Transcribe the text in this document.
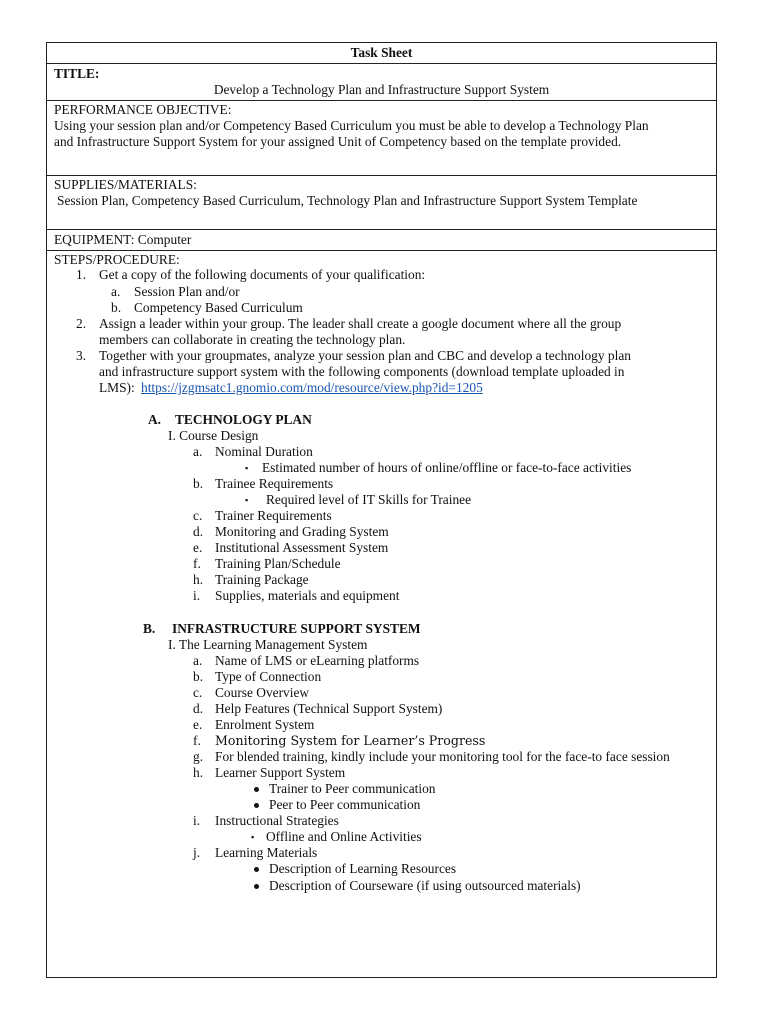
Task Sheet
TITLE:
Develop a Technology Plan and Infrastructure Support System
PERFORMANCE OBJECTIVE:
Using your session plan and/or Competency Based Curriculum you must be able to develop a Technology Plan
and Infrastructure Support System for your assigned Unit of Competency based on the template provided.
SUPPLIES/MATERIALS:
Session Plan, Competency Based Curriculum, Technology Plan and Infrastructure Support System Template
EQUIPMENT: Computer
STEPS/PROCEDURE:
1. Get a copy of the following documents of your qualification:
a. Session Plan and/or
b. Competency Based Curriculum
2. Assign a leader within your group. The leader shall create a google document where all the group
members can collaborate in creating the technology plan.
3. Together with your groupmates, analyze your session plan and CBC and develop a technology plan
and infrastructure support system with the following components (download template uploaded in
LMS): https://jzgmsatc1.gnomio.com/mod/resource/view.php?id=1205
A. TECHNOLOGY PLAN
I. Course Design
a. Nominal Duration
▪ Estimated number of hours of online/offline or face-to-face activities
b. Trainee Requirements
▪ Required level of IT Skills for Trainee
c. Trainer Requirements
d. Monitoring and Grading System
e. Institutional Assessment System
f. Training Plan/Schedule
h. Training Package
i. Supplies, materials and equipment
B. INFRASTRUCTURE SUPPORT SYSTEM
I. The Learning Management System
a. Name of LMS or eLearning platforms
b. Type of Connection
c. Course Overview
d. Help Features (Technical Support System)
e. Enrolment System
f. Monitoring System for Learner’s Progress
g. For blended training, kindly include your monitoring tool for the face-to face session
h. Learner Support System
Trainer to Peer communication
Peer to Peer communication
i. Instructional Strategies
▪ Offline and Online Activities
j. Learning Materials
Description of Learning Resources
Description of Courseware (if using outsourced materials)
